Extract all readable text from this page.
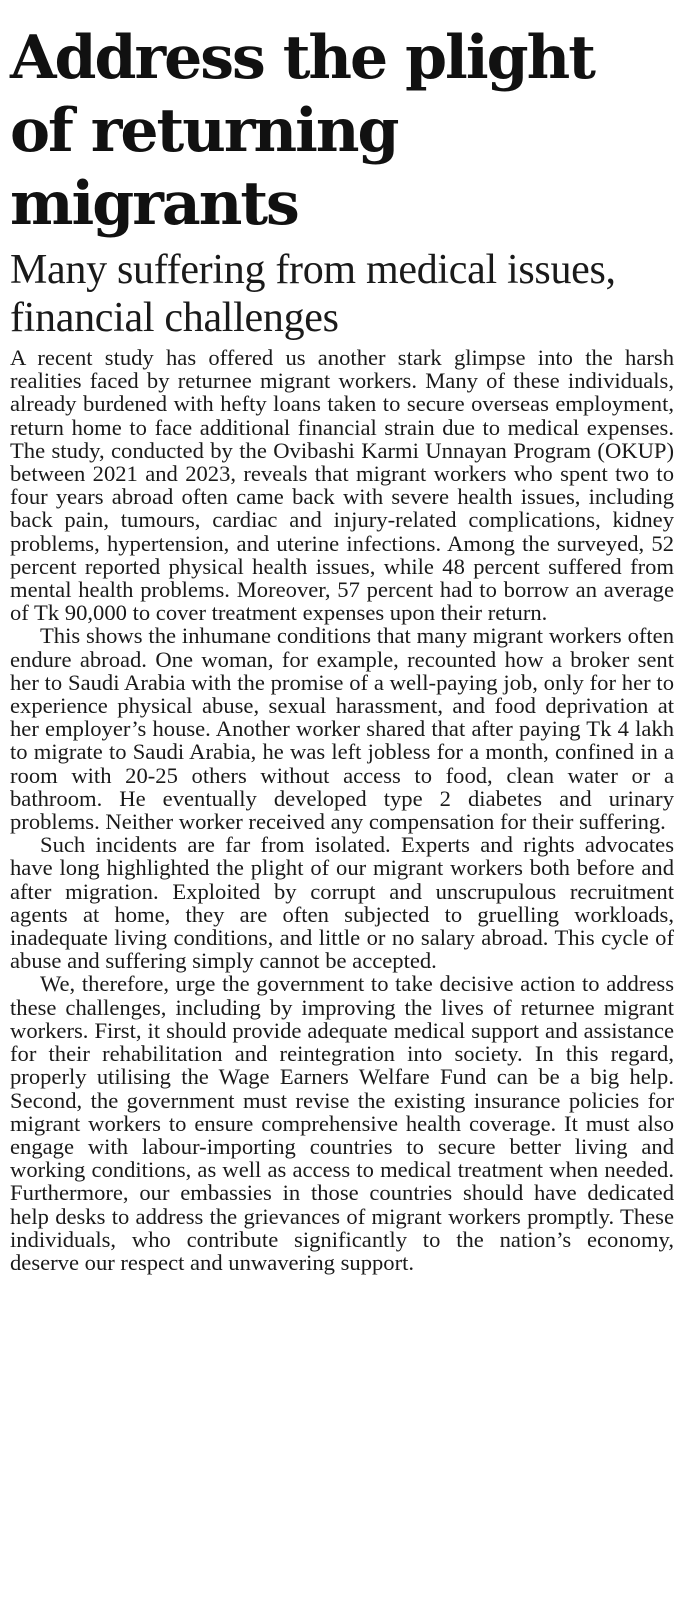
Address the plight of returning migrants
Many suffering from medical issues, financial challenges

A recent study has offered us another stark glimpse into the harsh realities faced by returnee migrant workers. Many of these individuals, already burdened with hefty loans taken to secure overseas employment, return home to face additional financial strain due to medical expenses. The study, conducted by the Ovibashi Karmi Unnayan Program (OKUP) between 2021 and 2023, reveals that migrant workers who spent two to four years abroad often came back with severe health issues, including back pain, tumours, cardiac and injury-related complications, kidney problems, hypertension, and uterine infections. Among the surveyed, 52 percent reported physical health issues, while 48 percent suffered from mental health problems. Moreover, 57 percent had to borrow an average of Tk 90,000 to cover treatment expenses upon their return.

This shows the inhumane conditions that many migrant workers often endure abroad. One woman, for example, recounted how a broker sent her to Saudi Arabia with the promise of a well-paying job, only for her to experience physical abuse, sexual harassment, and food deprivation at her employer’s house. Another worker shared that after paying Tk 4 lakh to migrate to Saudi Arabia, he was left jobless for a month, confined in a room with 20-25 others without access to food, clean water or a bathroom. He eventually developed type 2 diabetes and urinary problems. Neither worker received any compensation for their suffering.

Such incidents are far from isolated. Experts and rights advocates have long highlighted the plight of our migrant workers both before and after migration. Exploited by corrupt and unscrupulous recruitment agents at home, they are often subjected to gruelling workloads, inadequate living conditions, and little or no salary abroad. This cycle of abuse and suffering simply cannot be accepted.

We, therefore, urge the government to take decisive action to address these challenges, including by improving the lives of returnee migrant workers. First, it should provide adequate medical support and assistance for their rehabilitation and reintegration into society. In this regard, properly utilising the Wage Earners Welfare Fund can be a big help. Second, the government must revise the existing insurance policies for migrant workers to ensure comprehensive health coverage. It must also engage with labour-importing countries to secure better living and working conditions, as well as access to medical treatment when needed. Furthermore, our embassies in those countries should have dedicated help desks to address the grievances of migrant workers promptly. These individuals, who contribute significantly to the nation’s economy, deserve our respect and unwavering support.
